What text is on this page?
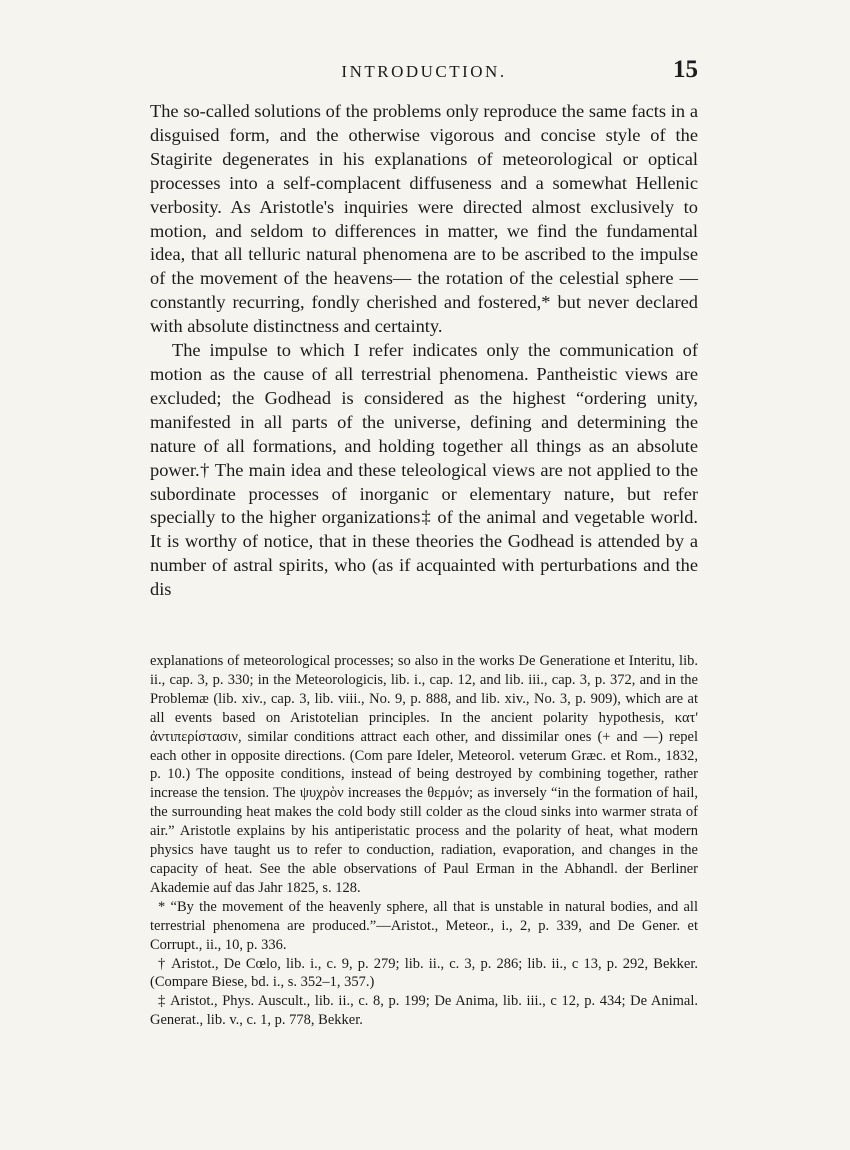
INTRODUCTION.	15

The so-called solutions of the problems only reproduce the same facts in a disguised form, and the otherwise vigorous and concise style of the Stagirite degenerates in his explanations of meteorological or optical processes into a self-complacent diffuseness and a somewhat Hellenic verbosity. As Aristotle's inquiries were directed almost exclusively to motion, and seldom to differences in matter, we find the fundamental idea, that all telluric natural phenomena are to be ascribed to the impulse of the movement of the heavens— the rotation of the celestial sphere — constantly recurring, fondly cherished and fostered,* but never declared with absolute distinctness and certainty.

The impulse to which I refer indicates only the communication of motion as the cause of all terrestrial phenomena. Pantheistic views are excluded; the Godhead is considered as the highest “ordering unity, manifested in all parts of the universe, defining and determining the nature of all formations, and holding together all things as an absolute power.† The main idea and these teleological views are not applied to the subordinate processes of inorganic or elementary nature, but refer specially to the higher organizations‡ of the animal and vegetable world. It is worthy of notice, that in these theories the Godhead is attended by a number of astral spirits, who (as if acquainted with perturbations and the dis

explanations of meteorological processes; so also in the works De Generatione et Interitu, lib. ii., cap. 3, p. 330; in the Meteorologicis, lib. i., cap. 12, and lib. iii., cap. 3, p. 372, and in the Problemæ (lib. xiv., cap. 3, lib. viii., No. 9, p. 888, and lib. xiv., No. 3, p. 909), which are at all events based on Aristotelian principles. In the ancient polarity hypothesis, κατ' ἀντιπερίστασιν, similar conditions attract each other, and dissimilar ones (+ and —) repel each other in opposite directions. (Com pare Ideler, Meteorol. veterum Græc. et Rom., 1832, p. 10.) The opposite conditions, instead of being destroyed by combining together, rather increase the tension. The ψυχρὸν increases the θερμόν; as inversely “in the formation of hail, the surrounding heat makes the cold body still colder as the cloud sinks into warmer strata of air.” Aristotle explains by his antiperistatic process and the polarity of heat, what modern physics have taught us to refer to conduction, radiation, evaporation, and changes in the capacity of heat. See the able observations of Paul Erman in the Abhandl. der Berliner Akademie auf das Jahr 1825, s. 128.

* “By the movement of the heavenly sphere, all that is unstable in natural bodies, and all terrestrial phenomena are produced.”—Aristot., Meteor., i., 2, p. 339, and De Gener. et Corrupt., ii., 10, p. 336.

† Aristot., De Cœlo, lib. i., c. 9, p. 279; lib. ii., c. 3, p. 286; lib. ii., c 13, p. 292, Bekker. (Compare Biese, bd. i., s. 352–1, 357.)

‡ Aristot., Phys. Auscult., lib. ii., c. 8, p. 199; De Anima, lib. iii., c 12, p. 434; De Animal. Generat., lib. v., c. 1, p. 778, Bekker.
